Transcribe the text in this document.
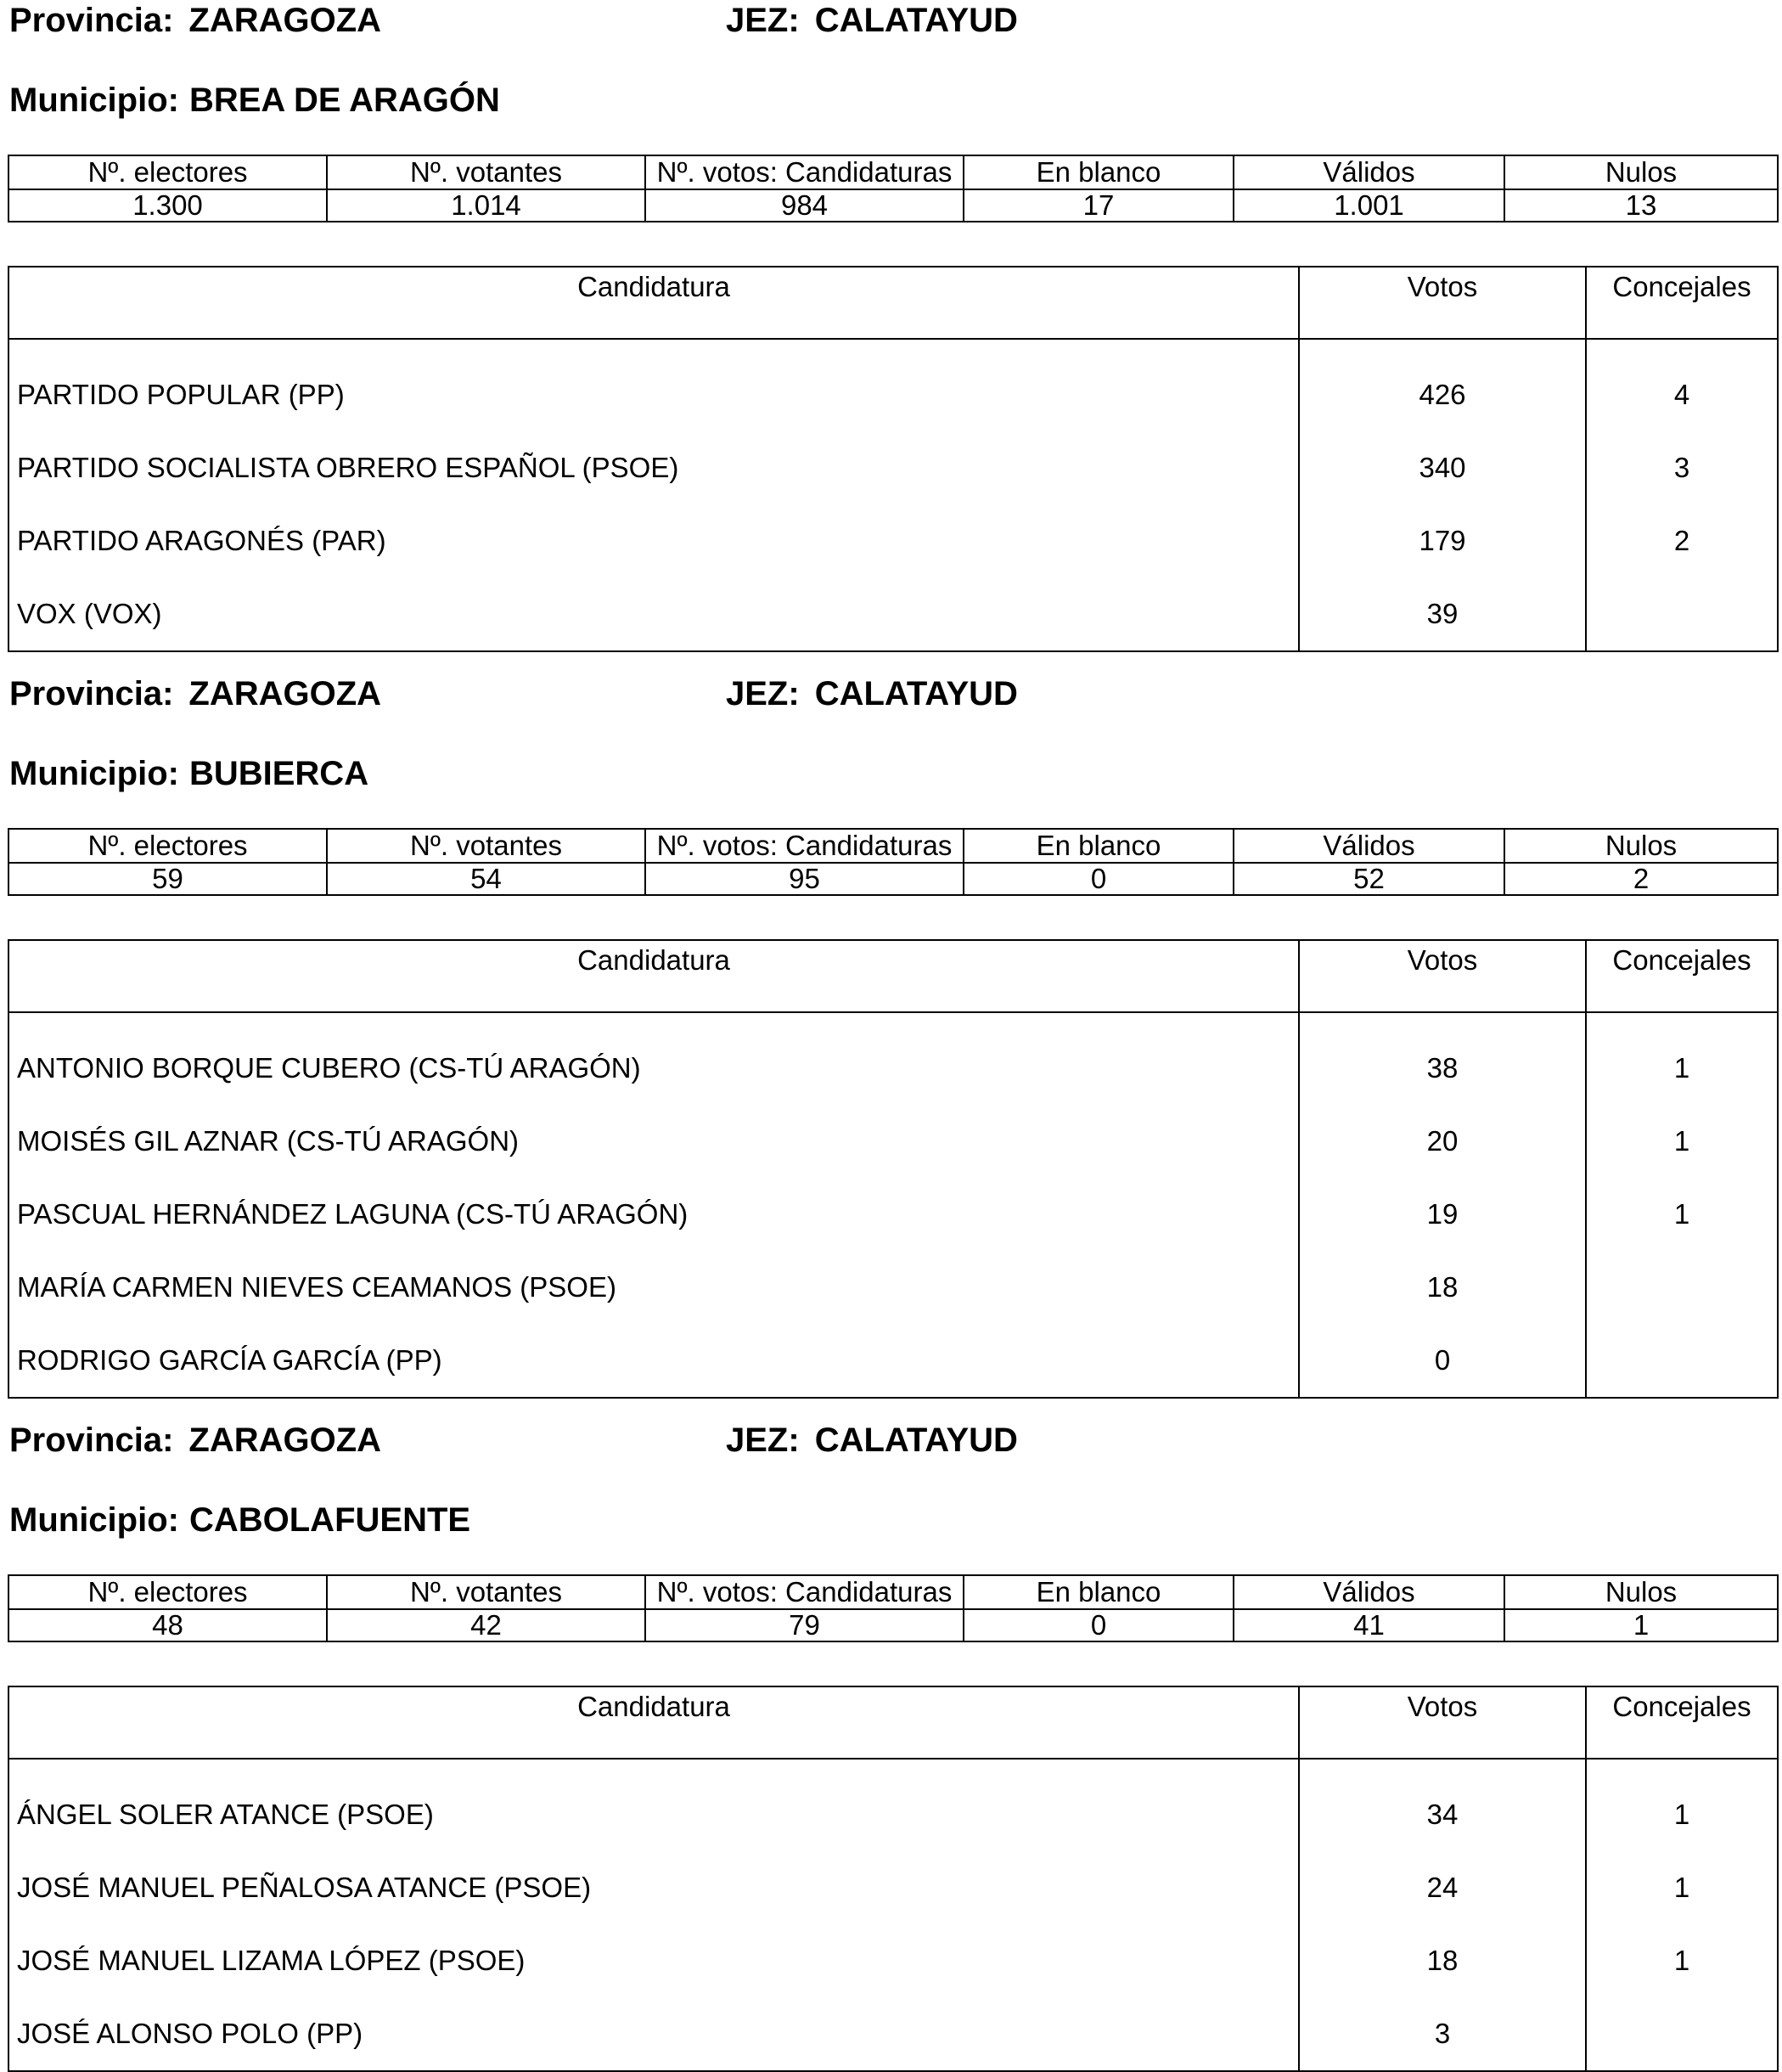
Provincia: ZARAGOZA	JEZ: CALATAYUD
Municipio: BREA DE ARAGÓN
Nº. electores	Nº. votantes	Nº. votos: Candidaturas	En blanco	Válidos	Nulos
1.300	1.014	984	17	1.001	13
Candidatura	Votos	Concejales
PARTIDO POPULAR (PP)	426	4
PARTIDO SOCIALISTA OBRERO ESPAÑOL (PSOE)	340	3
PARTIDO ARAGONÉS (PAR)	179	2
VOX (VOX)	39	
Provincia: ZARAGOZA	JEZ: CALATAYUD
Municipio: BUBIERCA
Nº. electores	Nº. votantes	Nº. votos: Candidaturas	En blanco	Válidos	Nulos
59	54	95	0	52	2
Candidatura	Votos	Concejales
ANTONIO BORQUE CUBERO (CS-TÚ ARAGÓN)	38	1
MOISÉS GIL AZNAR (CS-TÚ ARAGÓN)	20	1
PASCUAL HERNÁNDEZ LAGUNA (CS-TÚ ARAGÓN)	19	1
MARÍA CARMEN NIEVES CEAMANOS (PSOE)	18	
RODRIGO GARCÍA GARCÍA (PP)	0	
Provincia: ZARAGOZA	JEZ: CALATAYUD
Municipio: CABOLAFUENTE
Nº. electores	Nº. votantes	Nº. votos: Candidaturas	En blanco	Válidos	Nulos
48	42	79	0	41	1
Candidatura	Votos	Concejales
ÁNGEL SOLER ATANCE (PSOE)	34	1
JOSÉ MANUEL PEÑALOSA ATANCE (PSOE)	24	1
JOSÉ MANUEL LIZAMA LÓPEZ (PSOE)	18	1
JOSÉ ALONSO POLO (PP)	3	
